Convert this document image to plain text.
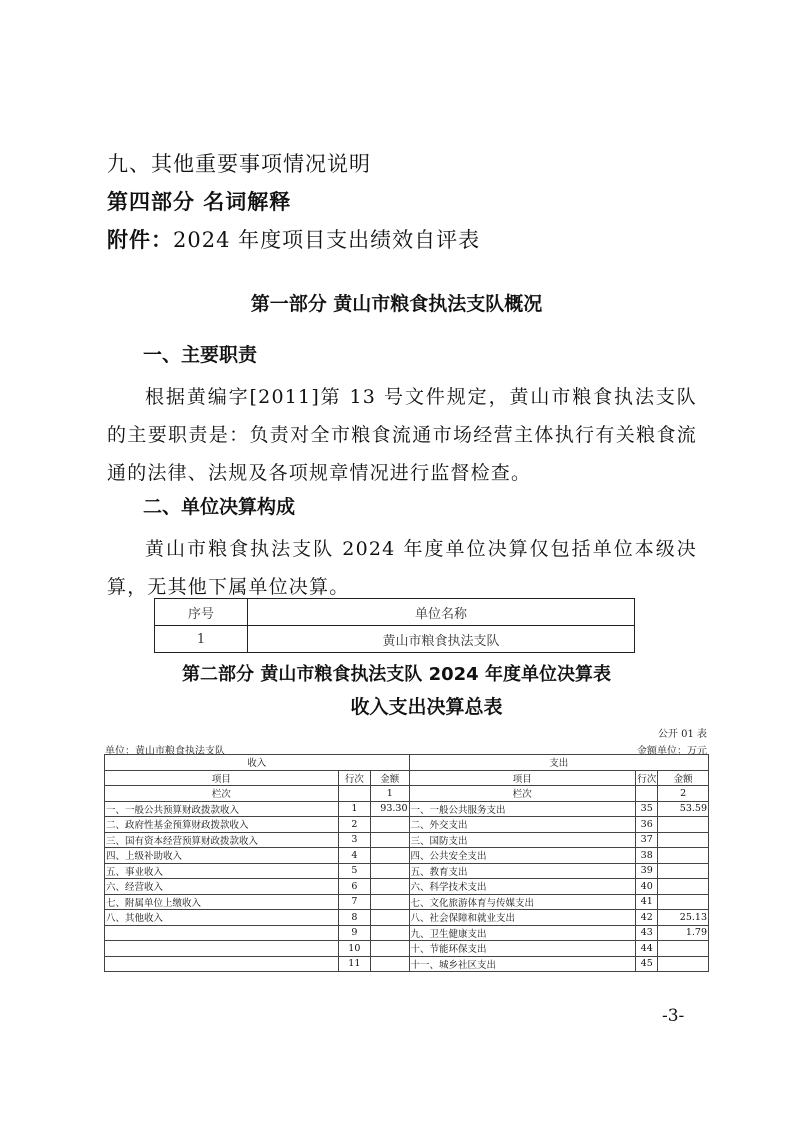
九、其他重要事项情况说明
第四部分 名词解释
附件：2024 年度项目支出绩效自评表
第一部分 黄山市粮食执法支队概况
一、主要职责
根据黄编字[2011]第 13 号文件规定，黄山市粮食执法支队的主要职责是：负责对全市粮食流通市场经营主体执行有关粮食流通的法律、法规及各项规章情况进行监督检查。
二、单位决算构成
黄山市粮食执法支队 2024 年度单位决算仅包括单位本级决算，无其他下属单位决算。
序号	单位名称
1	黄山市粮食执法支队
第二部分 黄山市粮食执法支队 2024 年度单位决算表
收入支出决算总表
公开 01 表
单位：黄山市粮食执法支队	金额单位：万元
收入			支出		
项目	行次	金额	项目	行次	金额
栏次		1	栏次		2
一、一般公共预算财政拨款收入	1	93.30	一、一般公共服务支出	35	53.59
二、政府性基金预算财政拨款收入	2		二、外交支出	36	
三、国有资本经营预算财政拨款收入	3		三、国防支出	37	
四、上级补助收入	4		四、公共安全支出	38	
五、事业收入	5		五、教育支出	39	
六、经营收入	6		六、科学技术支出	40	
七、附属单位上缴收入	7		七、文化旅游体育与传媒支出	41	
八、其他收入	8		八、社会保障和就业支出	42	25.13
	9		九、卫生健康支出	43	1.79
	10		十、节能环保支出	44	
	11		十一、城乡社区支出	45	
-3-
